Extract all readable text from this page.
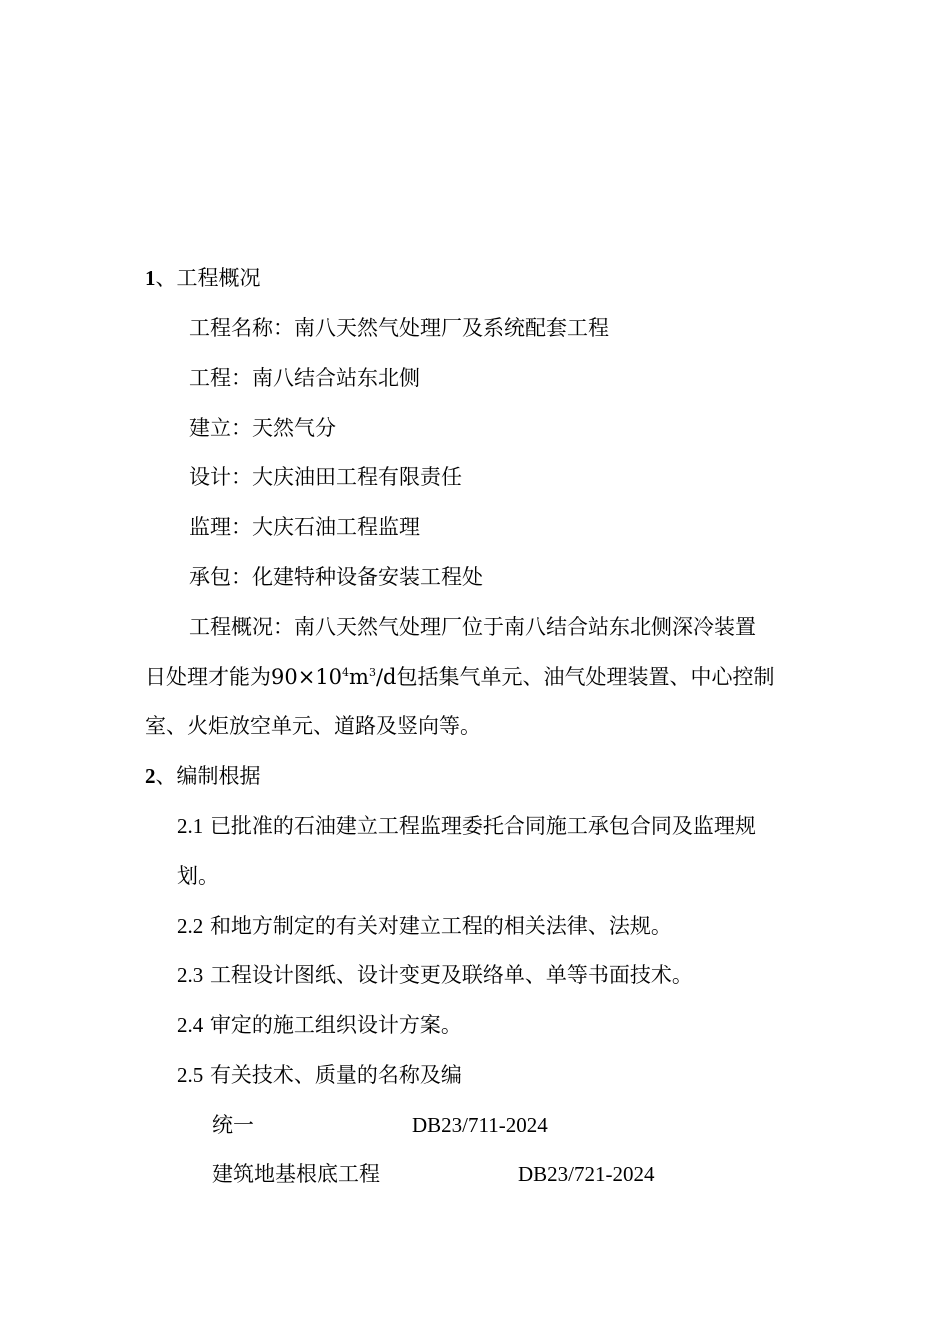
1、工程概况
工程名称：南八天然气处理厂及系统配套工程
工程：南八结合站东北侧
建立：天然气分
设计：大庆油田工程有限责任
监理：大庆石油工程监理
承包：化建特种设备安装工程处
工程概况：南八天然气处理厂位于南八结合站东北侧深冷装置
日处理才能为$90\times 10^4m^3/d$包括集气单元、油气处理装置、中心控制
室、火炬放空单元、道路及竖向等。
2、编制根据
2.1 已批准的石油建立工程监理委托合同施工承包合同及监理规
划。
2.2 和地方制定的有关对建立工程的相关法律、法规。
2.3 工程设计图纸、设计变更及联络单、单等书面技术。
2.4 审定的施工组织设计方案。
2.5 有关技术、质量的名称及编
统一	DB23/711-2024
建筑地基根底工程	DB23/721-2024
